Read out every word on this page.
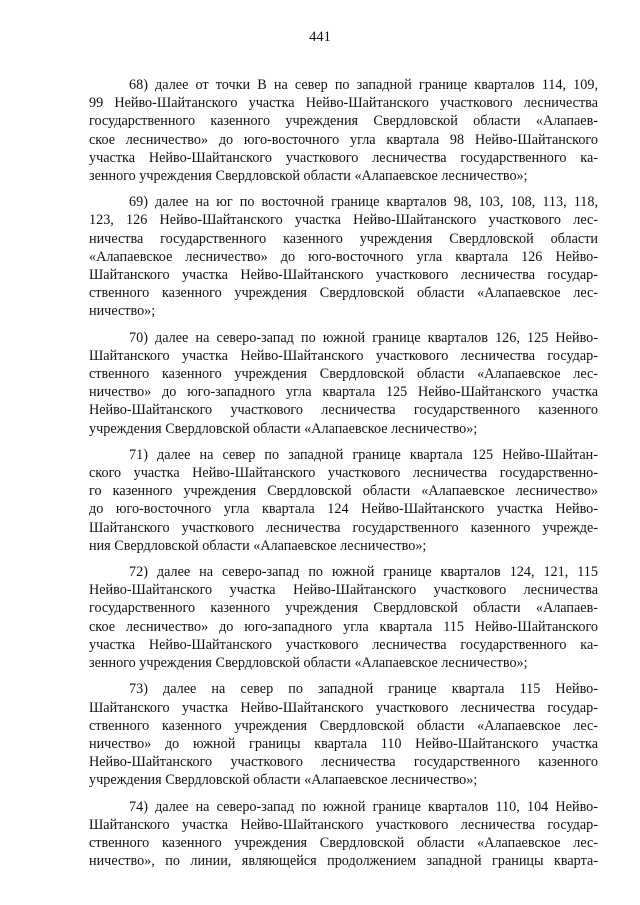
441

68) далее от точки В на север по западной границе кварталов 114, 109,
99 Нейво-Шайтанского участка Нейво-Шайтанского участкового лесничества
государственного казенного учреждения Свердловской области «Алапаев-
ское лесничество» до юго-восточного угла квартала 98 Нейво-Шайтанского
участка Нейво-Шайтанского участкового лесничества государственного ка-
зенного учреждения Свердловской области «Алапаевское лесничество»;

69) далее на юг по восточной границе кварталов 98, 103, 108, 113, 118,
123, 126 Нейво-Шайтанского участка Нейво-Шайтанского участкового лес-
ничества государственного казенного учреждения Свердловской области
«Алапаевское лесничество» до юго-восточного угла квартала 126 Нейво-
Шайтанского участка Нейво-Шайтанского участкового лесничества государ-
ственного казенного учреждения Свердловской области «Алапаевское лес-
ничество»;

70) далее на северо-запад по южной границе кварталов 126, 125 Нейво-
Шайтанского участка Нейво-Шайтанского участкового лесничества государ-
ственного казенного учреждения Свердловской области «Алапаевское лес-
ничество» до юго-западного угла квартала 125 Нейво-Шайтанского участка
Нейво-Шайтанского участкового лесничества государственного казенного
учреждения Свердловской области «Алапаевское лесничество»;

71) далее на север по западной границе квартала 125 Нейво-Шайтан-
ского участка Нейво-Шайтанского участкового лесничества государственно-
го казенного учреждения Свердловской области «Алапаевское лесничество»
до юго-восточного угла квартала 124 Нейво-Шайтанского участка Нейво-
Шайтанского участкового лесничества государственного казенного учрежде-
ния Свердловской области «Алапаевское лесничество»;

72) далее на северо-запад по южной границе кварталов 124, 121, 115
Нейво-Шайтанского участка Нейво-Шайтанского участкового лесничества
государственного казенного учреждения Свердловской области «Алапаев-
ское лесничество» до юго-западного угла квартала 115 Нейво-Шайтанского
участка Нейво-Шайтанского участкового лесничества государственного ка-
зенного учреждения Свердловской области «Алапаевское лесничество»;

73) далее на север по западной границе квартала 115 Нейво-
Шайтанского участка Нейво-Шайтанского участкового лесничества государ-
ственного казенного учреждения Свердловской области «Алапаевское лес-
ничество» до южной границы квартала 110 Нейво-Шайтанского участка
Нейво-Шайтанского участкового лесничества государственного казенного
учреждения Свердловской области «Алапаевское лесничество»;

74) далее на северо-запад по южной границе кварталов 110, 104 Нейво-
Шайтанского участка Нейво-Шайтанского участкового лесничества государ-
ственного казенного учреждения Свердловской области «Алапаевское лес-
ничество», по линии, являющейся продолжением западной границы кварта-
